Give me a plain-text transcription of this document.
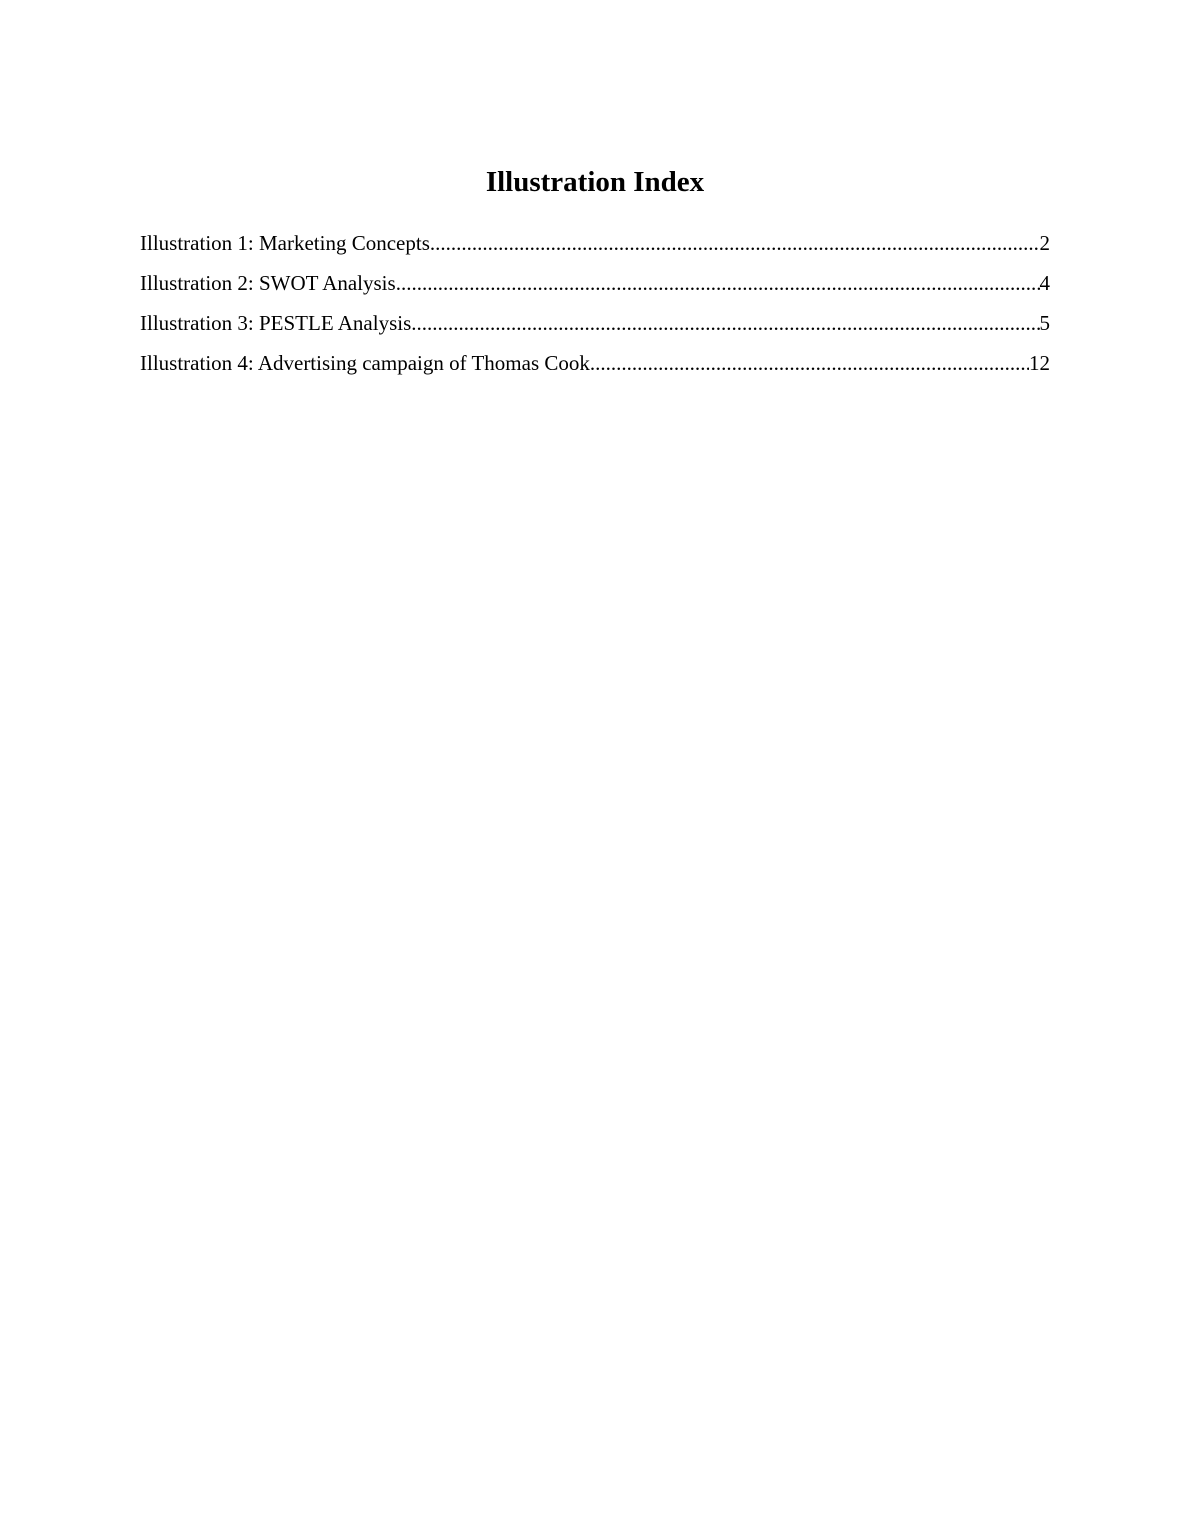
Illustration Index
Illustration 1: Marketing Concepts .....	2
Illustration 2: SWOT Analysis .....	4
Illustration 3: PESTLE Analysis .....	5
Illustration 4: Advertising campaign of Thomas Cook .....	12
